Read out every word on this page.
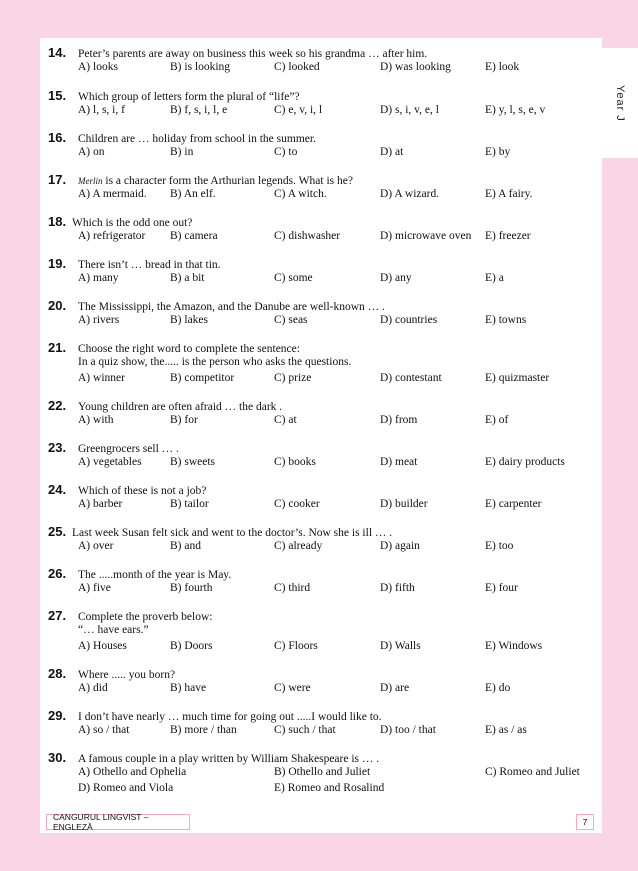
Year J
14.	Peter’s parents are away on business this week so his grandma … after him.
A) looks	B) is looking	C) looked	D) was looking	E) look
15.	Which group of letters form the plural of “life”?
A) l, s, i, f	B) f, s, i, l, e	C) e, v, i, l	D) s, i, v, e, l	E) y, l, s, e, v
16.	Children are … holiday from school in the summer.
A) on	B) in	C) to	D) at	E) by
17.	Merlin is a character form the Arthurian legends. What is he?
A) A mermaid. B) An elf.	C) A witch.	D) A wizard.	E) A fairy.
18. Which is the odd one out?
A) refrigerator B) camera	C) dishwasher	D) microwave oven E) freezer
19.	There isn’t … bread in that tin.
A) many	B) a bit	C) some	D) any	E) a
20.	The Mississippi, the Amazon, and the Danube are well-known … .
A) rivers	B) lakes	C) seas	D) countries	E) towns
21.	Choose the right word to complete the sentence:
In a quiz show, the..... is the person who asks the questions.
A) winner	B) competitor	C) prize	D) contestant	E) quizmaster
22.	Young children are often afraid … the dark .
A) with	B) for	C) at	D) from	E) of
23.	Greengrocers sell … .
A) vegetables B) sweets	C) books	D) meat	E) dairy products
24.	Which of these is not a job?
A) barber	B) tailor	C) cooker	D) builder	E) carpenter
25. Last week Susan felt sick and went to the doctor’s. Now she is ill … .
A) over	B) and	C) already	D) again	E) too
26.	The .....month of the year is May.
A) five	B) fourth	C) third	D) fifth	E) four
27.	Complete the proverb below:
“… have ears.”
A) Houses	B) Doors	C) Floors	D) Walls	E) Windows
28.	Where ..... you born?
A) did	B) have	C) were	D) are	E) do
29.	I don’t have nearly … much time for going out .....I would like to.
A) so / that	B) more / than	C) such / that	D) too / that	E) as / as
30.	A famous couple in a play written by William Shakespeare is … .
A) Othello and Ophelia	B) Othello and Juliet	C) Romeo and Juliet
D) Romeo and Viola	E) Romeo and Rosalind
CANGURUL LINGVIST – ENGLEZĂ	7
